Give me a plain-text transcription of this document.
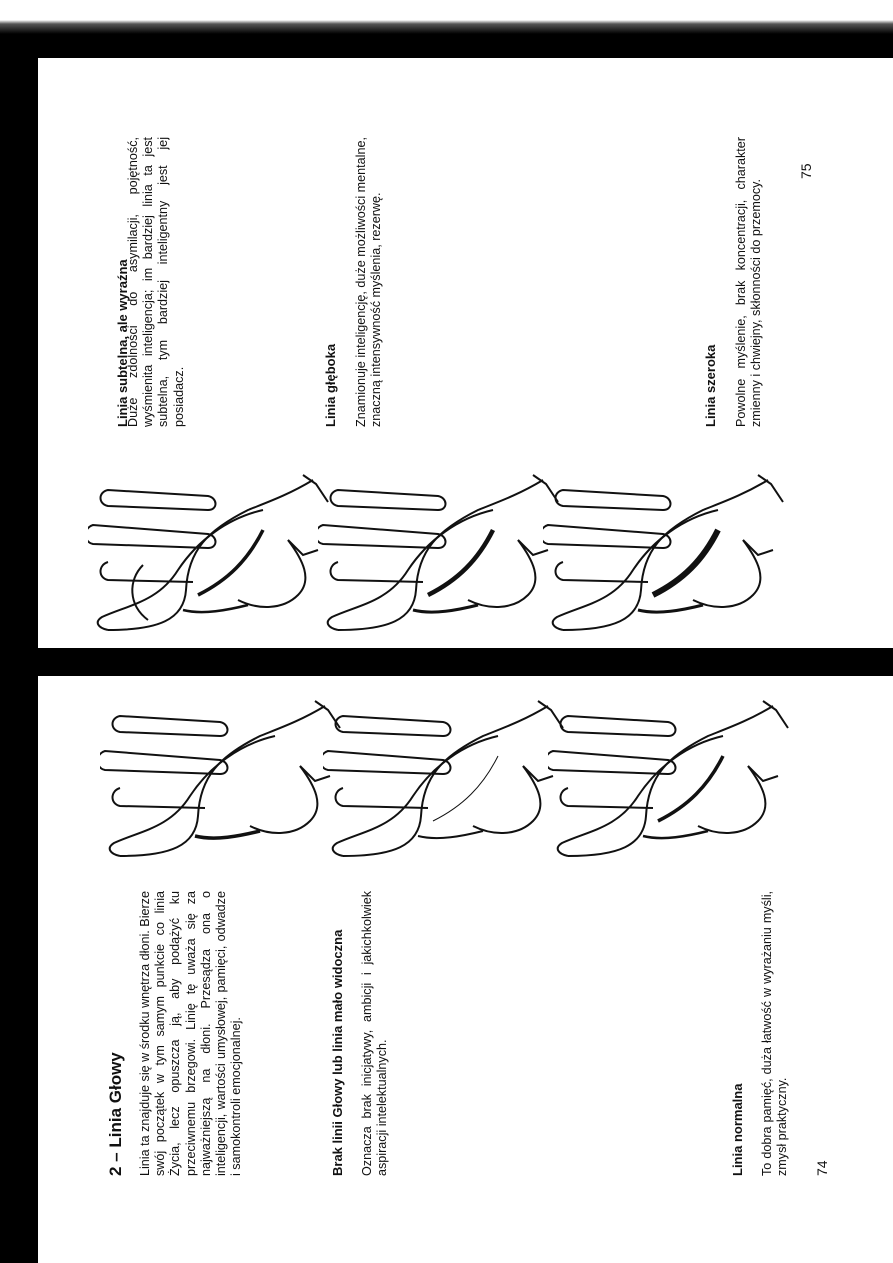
75
Linia subtelna, ale wyraźna

Duże zdolności do asymilacji, pojętność, wyśmienita inteligencja; im bardziej linia ta jest subtelna, tym bardziej inteligentny jest jej posiadacz.	Linia głęboka Znamionuje inteligencję, duże możliwości mentalne, znaczną intensywność myślenia, rezerwę.	Linia szeroka Powolne myślenie, brak koncentracji, charakter zmienny i chwiejny, skłonności do przemocy.

2 – Linia Głowy Linia ta znajduje się w środku wnętrza dłoni. Bierze swój początek w tym samym punkcie co linia Życia, lecz opuszcza ją, aby podążyć ku przeciwnemu brzegowi. Linię tę uważa się za najważniejszą na dłoni. Przesądza ona o inteligencji, wartości umysłowej, pamięci, odwadze i samokontroli emocjonalnej.	Brak linii Głowy lub linia mało widoczna Oznacza brak inicjatywy, ambicji i jakichkolwiek aspiracji intelektualnych.	Linia normalna To dobra pamięć, duża łatwość w wyrażaniu myśli, zmysł praktyczny. 74
